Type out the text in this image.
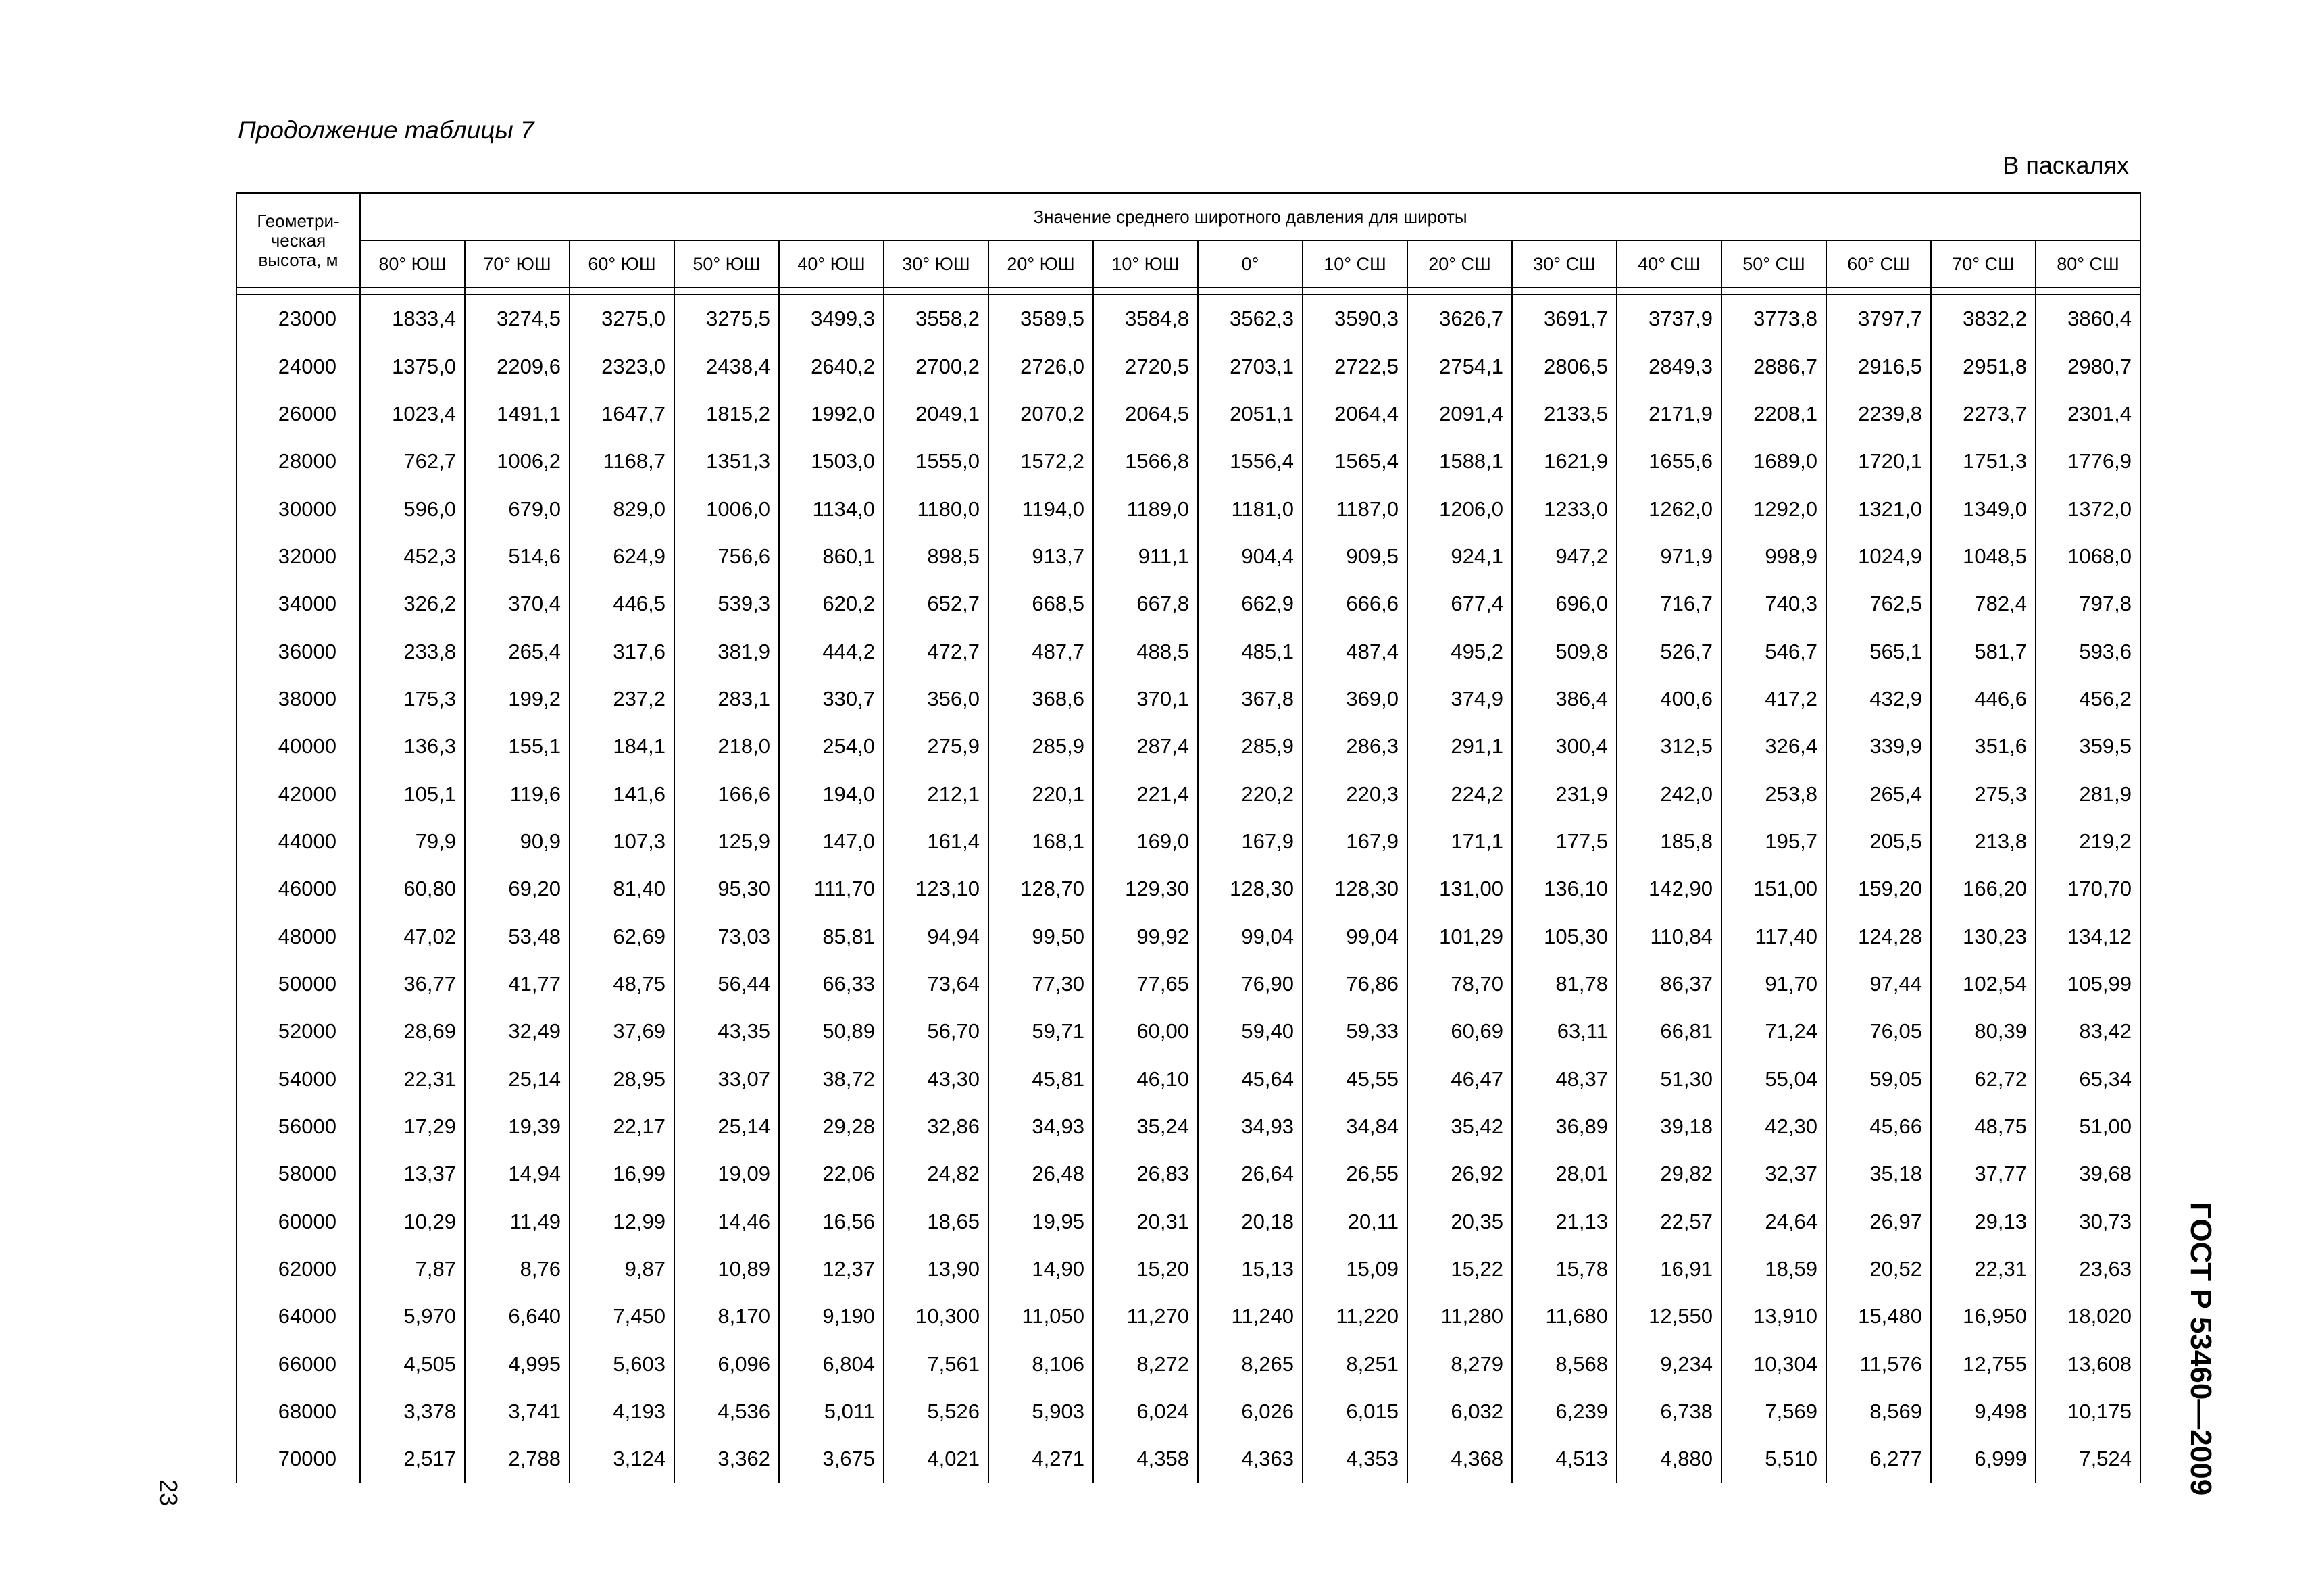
Продолжение таблицы 7
В паскалях
23	ГОСТ Р 53460—2009
Геометри-
ческая
высота, м	Значение среднего широтного давления для широты																
	80° ЮШ	70° ЮШ	60° ЮШ	50° ЮШ	40° ЮШ	30° ЮШ	20° ЮШ	10° ЮШ	0°	10° СШ	20° СШ	30° СШ	40° СШ	50° СШ	60° СШ	70° СШ	80° СШ

23000	1833,4	3274,5	3275,0	3275,5	3499,3	3558,2	3589,5	3584,8	3562,3	3590,3	3626,7	3691,7	3737,9	3773,8	3797,7	3832,2	3860,4
24000	1375,0	2209,6	2323,0	2438,4	2640,2	2700,2	2726,0	2720,5	2703,1	2722,5	2754,1	2806,5	2849,3	2886,7	2916,5	2951,8	2980,7
26000	1023,4	1491,1	1647,7	1815,2	1992,0	2049,1	2070,2	2064,5	2051,1	2064,4	2091,4	2133,5	2171,9	2208,1	2239,8	2273,7	2301,4
28000	762,7	1006,2	1168,7	1351,3	1503,0	1555,0	1572,2	1566,8	1556,4	1565,4	1588,1	1621,9	1655,6	1689,0	1720,1	1751,3	1776,9
30000	596,0	679,0	829,0	1006,0	1134,0	1180,0	1194,0	1189,0	1181,0	1187,0	1206,0	1233,0	1262,0	1292,0	1321,0	1349,0	1372,0
32000	452,3	514,6	624,9	756,6	860,1	898,5	913,7	911,1	904,4	909,5	924,1	947,2	971,9	998,9	1024,9	1048,5	1068,0
34000	326,2	370,4	446,5	539,3	620,2	652,7	668,5	667,8	662,9	666,6	677,4	696,0	716,7	740,3	762,5	782,4	797,8
36000	233,8	265,4	317,6	381,9	444,2	472,7	487,7	488,5	485,1	487,4	495,2	509,8	526,7	546,7	565,1	581,7	593,6
38000	175,3	199,2	237,2	283,1	330,7	356,0	368,6	370,1	367,8	369,0	374,9	386,4	400,6	417,2	432,9	446,6	456,2
40000	136,3	155,1	184,1	218,0	254,0	275,9	285,9	287,4	285,9	286,3	291,1	300,4	312,5	326,4	339,9	351,6	359,5
42000	105,1	119,6	141,6	166,6	194,0	212,1	220,1	221,4	220,2	220,3	224,2	231,9	242,0	253,8	265,4	275,3	281,9
44000	79,9	90,9	107,3	125,9	147,0	161,4	168,1	169,0	167,9	167,9	171,1	177,5	185,8	195,7	205,5	213,8	219,2
46000	60,80	69,20	81,40	95,30	111,70	123,10	128,70	129,30	128,30	128,30	131,00	136,10	142,90	151,00	159,20	166,20	170,70
48000	47,02	53,48	62,69	73,03	85,81	94,94	99,50	99,92	99,04	99,04	101,29	105,30	110,84	117,40	124,28	130,23	134,12
50000	36,77	41,77	48,75	56,44	66,33	73,64	77,30	77,65	76,90	76,86	78,70	81,78	86,37	91,70	97,44	102,54	105,99
52000	28,69	32,49	37,69	43,35	50,89	56,70	59,71	60,00	59,40	59,33	60,69	63,11	66,81	71,24	76,05	80,39	83,42
54000	22,31	25,14	28,95	33,07	38,72	43,30	45,81	46,10	45,64	45,55	46,47	48,37	51,30	55,04	59,05	62,72	65,34
56000	17,29	19,39	22,17	25,14	29,28	32,86	34,93	35,24	34,93	34,84	35,42	36,89	39,18	42,30	45,66	48,75	51,00
58000	13,37	14,94	16,99	19,09	22,06	24,82	26,48	26,83	26,64	26,55	26,92	28,01	29,82	32,37	35,18	37,77	39,68
60000	10,29	11,49	12,99	14,46	16,56	18,65	19,95	20,31	20,18	20,11	20,35	21,13	22,57	24,64	26,97	29,13	30,73
62000	7,87	8,76	9,87	10,89	12,37	13,90	14,90	15,20	15,13	15,09	15,22	15,78	16,91	18,59	20,52	22,31	23,63
64000	5,970	6,640	7,450	8,170	9,190	10,300	11,050	11,270	11,240	11,220	11,280	11,680	12,550	13,910	15,480	16,950	18,020
66000	4,505	4,995	5,603	6,096	6,804	7,561	8,106	8,272	8,265	8,251	8,279	8,568	9,234	10,304	11,576	12,755	13,608
68000	3,378	3,741	4,193	4,536	5,011	5,526	5,903	6,024	6,026	6,015	6,032	6,239	6,738	7,569	8,569	9,498	10,175
70000	2,517	2,788	3,124	3,362	3,675	4,021	4,271	4,358	4,363	4,353	4,368	4,513	4,880	5,510	6,277	6,999	7,524
